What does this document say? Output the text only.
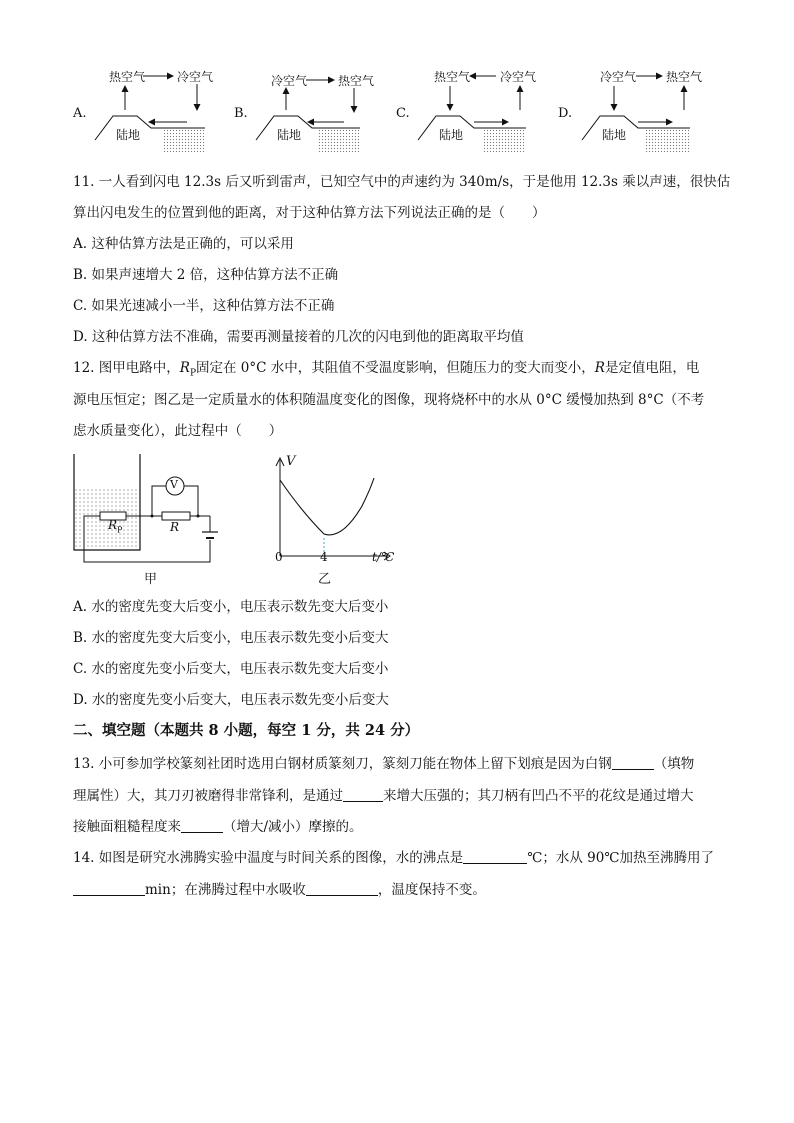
A.
热空气	冷空气
陆地
B.
冷空气	热空气
陆地
C.
热空气 冷空气
陆地
D.
冷空气 热空气
陆地
11. 一人看到闪电 12.3s 后又听到雷声，已知空气中的声速约为 340m/s，于是他用 12.3s 乘以声速，很快估
算出闪电发生的位置到他的距离，对于这种估算方法下列说法正确的是（　　）
A. 这种估算方法是正确的，可以采用
B. 如果声速增大 2 倍，这种估算方法不正确
C. 如果光速减小一半，这种估算方法不正确
D. 这种估算方法不准确，需要再测量接着的几次的闪电到他的距离取平均值
12. 图甲电路中，$R_P$固定在 0°C 水中，其阻值不受温度影响，但随压力的变大而变小，R是定值电阻，电
源电压恒定；图乙是一定质量水的体积随温度变化的图像，现将烧杯中的水从 0°C 缓慢加热到 8°C（不考
虑水质量变化），此过程中（　　）
V
$R_P$	R
甲
V
0	4	t/℃
乙
A. 水的密度先变大后变小，电压表示数先变大后变小
B. 水的密度先变大后变小，电压表示数先变小后变大
C. 水的密度先变小后变大，电压表示数先变大后变小
D. 水的密度先变小后变大，电压表示数先变小后变大
二、填空题（本题共 8 小题，每空 1 分，共 24 分）
13. 小可参加学校篆刻社团时选用白钢材质篆刻刀，篆刻刀能在物体上留下划痕是因为白钢	（填物
理属性）大，其刀刃被磨得非常锋利，是通过	来增大压强的；其刀柄有凹凸不平的花纹是通过增大
接触面粗糙程度来	（增大/减小）摩擦的。
14. 如图是研究水沸腾实验中温度与时间关系的图像，水的沸点是	℃；水从 90℃加热至沸腾用了
min；在沸腾过程中水吸收	，温度保持不变。
